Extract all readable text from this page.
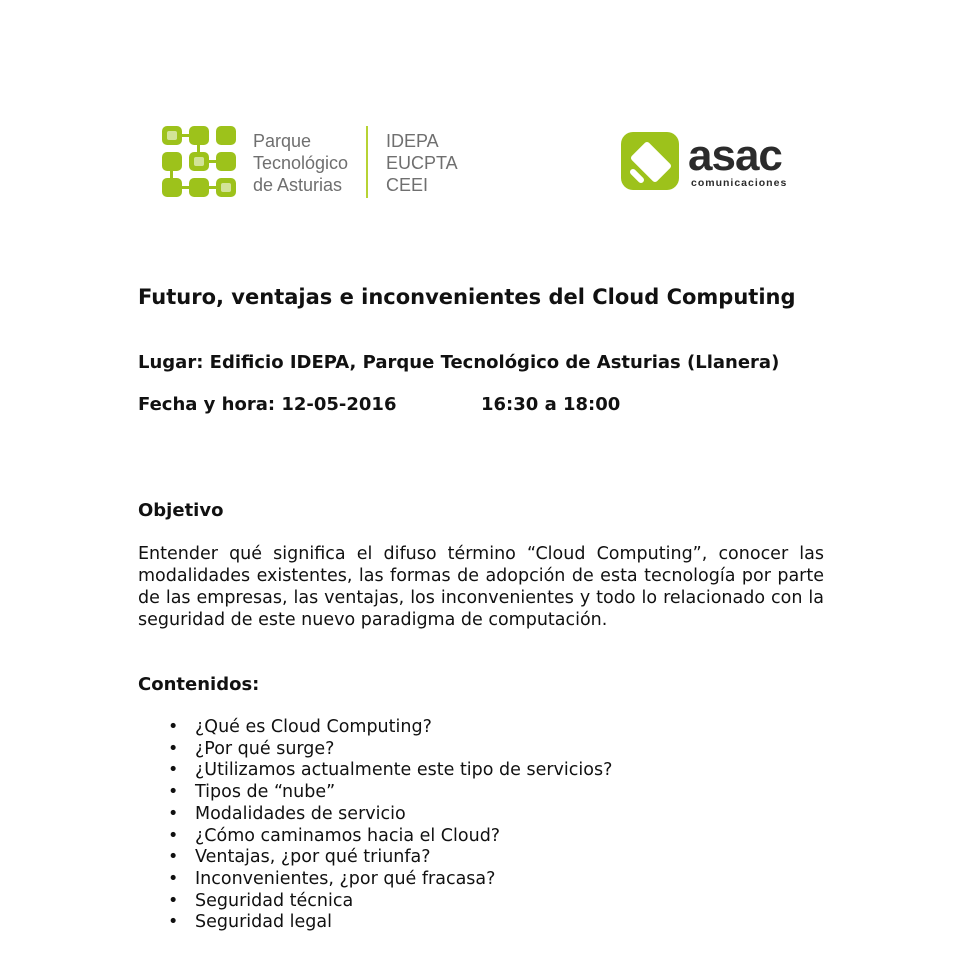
Parque
Tecnológico
de Asturias
IDEPA
EUCPTA
CEEI
asac
comunicaciones
Futuro, ventajas e inconvenientes del Cloud Computing
Lugar: Edificio IDEPA, Parque Tecnológico de Asturias (Llanera)
Fecha y hora: 12-05-2016	16:30 a 18:00
Objetivo

Entender qué significa el difuso término “Cloud Computing”, conocer las modalidades existentes, las formas de adopción de esta tecnología por parte de las empresas, las ventajas, los inconvenientes y todo lo relacionado con la seguridad de este nuevo paradigma de computación.

Contenidos:
• ¿Qué es Cloud Computing?
• ¿Por qué surge?
• ¿Utilizamos actualmente este tipo de servicios?
• Tipos de “nube”
• Modalidades de servicio
• ¿Cómo caminamos hacia el Cloud?
• Ventajas, ¿por qué triunfa?
• Inconvenientes, ¿por qué fracasa?
• Seguridad técnica
• Seguridad legal
